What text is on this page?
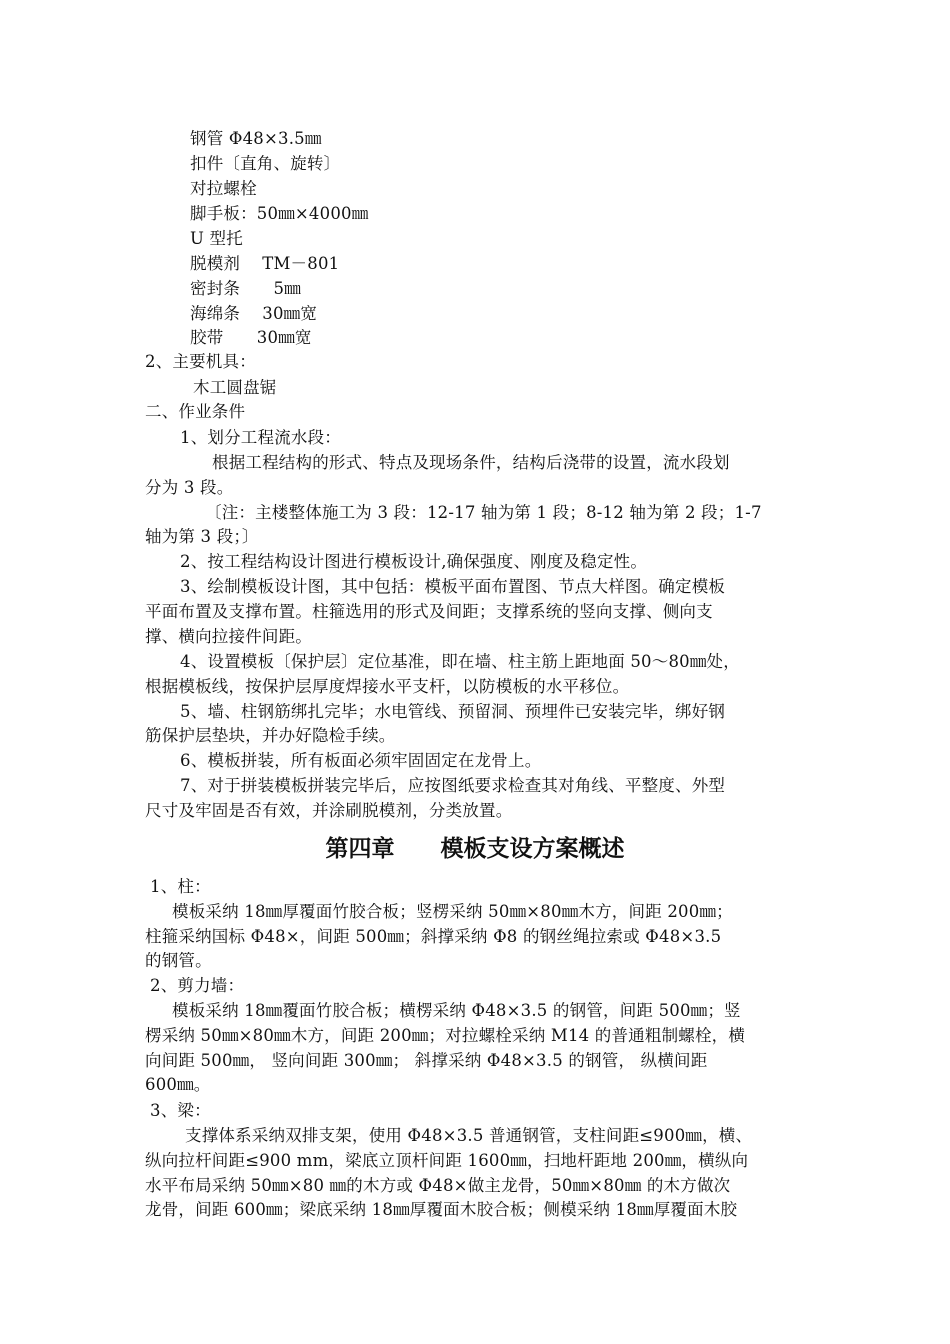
钢管 Φ48×3.5㎜
扣件〔直角、旋转〕
对拉螺栓
脚手板：50㎜×4000㎜
U 型托
脱模剂　 TM－801
密封条　　5㎜
海绵条　 30㎜宽
胶带　　30㎜宽
2、主要机具：
木工圆盘锯
二、作业条件
1、划分工程流水段：
根据工程结构的形式、特点及现场条件，结构后浇带的设置，流水段划
分为 3 段。
〔注：主楼整体施工为 3 段：12-17 轴为第 1 段；8-12 轴为第 2 段；1-7
轴为第 3 段；〕
2、按工程结构设计图进行模板设计,确保强度、刚度及稳定性。
3、绘制模板设计图，其中包括：模板平面布置图、节点大样图。确定模板
平面布置及支撑布置。柱箍选用的形式及间距；支撑系统的竖向支撑、侧向支
撑、横向拉接件间距。
4、设置模板〔保护层〕定位基准，即在墙、柱主筋上距地面 50～80㎜处，
根据模板线，按保护层厚度焊接水平支杆，以防模板的水平移位。
5、墙、柱钢筋绑扎完毕；水电管线、预留洞、预埋件已安装完毕，绑好钢
筋保护层垫块，并办好隐检手续。
6、模板拼装，所有板面必须牢固固定在龙骨上。
7、对于拼装模板拼装完毕后，应按图纸要求检查其对角线、平整度、外型
尺寸及牢固是否有效，并涂刷脱模剂，分类放置。
第四章　　模板支设方案概述
1、柱：
模板采纳 18㎜厚覆面竹胶合板；竖楞采纳 50㎜×80㎜木方，间距 200㎜；
柱箍采纳国标 Φ48×，间距 500㎜；斜撑采纳 Φ8 的钢丝绳拉索或 Φ48×3.5
的钢管。
2、剪力墙：
模板采纳 18㎜覆面竹胶合板；横楞采纳 Φ48×3.5 的钢管，间距 500㎜；竖
楞采纳 50㎜×80㎜木方，间距 200㎜；对拉螺栓采纳 M14 的普通粗制螺栓，横
向间距 500㎜， 竖向间距 300㎜； 斜撑采纳 Φ48×3.5 的钢管， 纵横间距
600㎜。
3、梁：
支撑体系采纳双排支架，使用 Φ48×3.5 普通钢管，支柱间距≤900㎜，横、
纵向拉杆间距≤900 mm，梁底立顶杆间距 1600㎜，扫地杆距地 200㎜，横纵向
水平布局采纳 50㎜×80 ㎜的木方或 Φ48×做主龙骨，50㎜×80㎜ 的木方做次
龙骨，间距 600㎜；梁底采纳 18㎜厚覆面木胶合板；侧模采纳 18㎜厚覆面木胶
